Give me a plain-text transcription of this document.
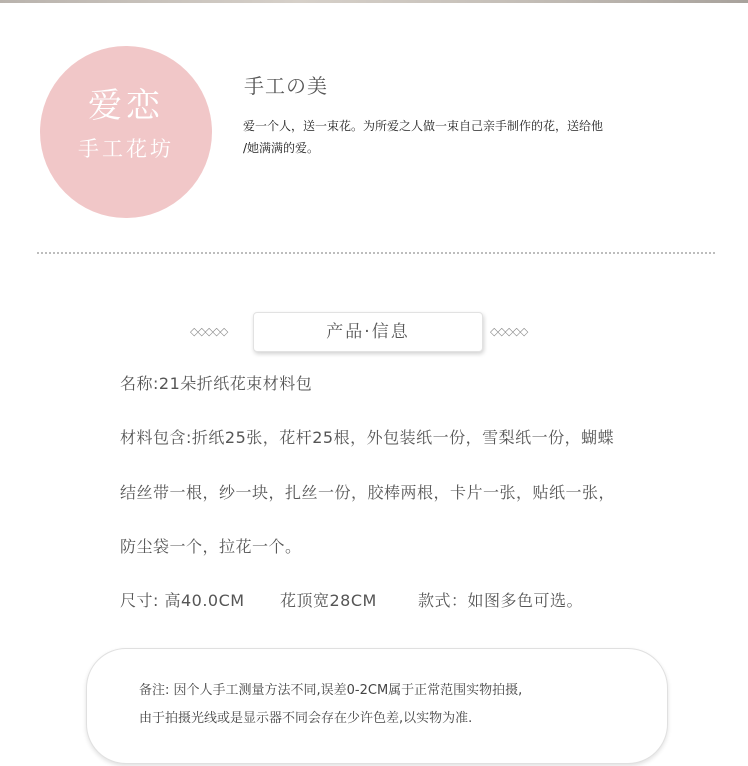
爱恋
手工花坊
手工の美
爱一个人，送一束花。为所爱之人做一束自己亲手制作的花，送给他
/她满满的爱。
◇◇◇◇◇	产品·信息	◇◇◇◇◇
名称:21朵折纸花束材料包
材料包含:折纸25张，花杆25根，外包装纸一份，雪梨纸一份，蝴蝶
结丝带一根，纱一块，扎丝一份，胶棒两根，卡片一张，贴纸一张，
防尘袋一个，拉花一个。
尺寸: 高40.0CM 花顶宽28CM	款式：如图多色可选。
备注: 因个人手工测量方法不同,误差0-2CM属于正常范围实物拍摄,
由于拍摄光线或是显示器不同会存在少许色差,以实物为准.
